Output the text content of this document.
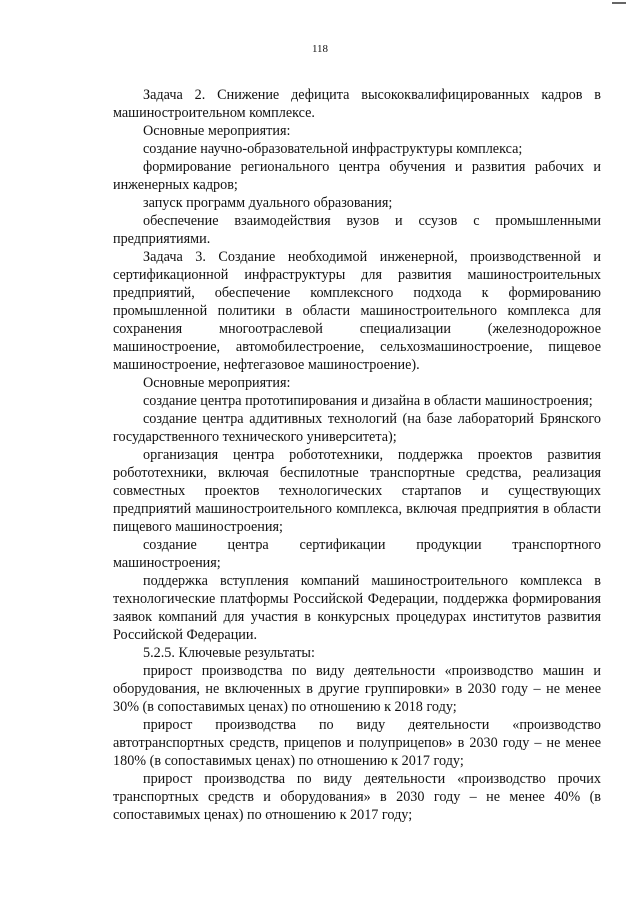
118

Задача 2. Снижение дефицита высококвалифицированных кадров в машиностроительном комплексе.

Основные мероприятия:

создание научно-образовательной инфраструктуры комплекса;

формирование регионального центра обучения и развития рабочих и инженерных кадров;

запуск программ дуального образования;

обеспечение взаимодействия вузов и ссузов с промышленными предприятиями.

Задача 3. Создание необходимой инженерной, производственной и сертификационной инфраструктуры для развития машиностроительных предприятий, обеспечение комплексного подхода к формированию промышленной политики в области машиностроительного комплекса для сохранения многоотраслевой специализации (железнодорожное машиностроение, автомобилестроение, сельхозмашиностроение, пищевое машиностроение, нефтегазовое машиностроение).

Основные мероприятия:

создание центра прототипирования и дизайна в области машиностроения;

создание центра аддитивных технологий (на базе лабораторий Брянского государственного технического университета);

организация центра робототехники, поддержка проектов развития робототехники, включая беспилотные транспортные средства, реализация совместных проектов технологических стартапов и существующих предприятий машиностроительного комплекса, включая предприятия в области пищевого машиностроения;

создание центра сертификации продукции транспортного машиностроения;

поддержка вступления компаний машиностроительного комплекса в технологические платформы Российской Федерации, поддержка формирования заявок компаний для участия в конкурсных процедурах институтов развития Российской Федерации.

5.2.5. Ключевые результаты:

прирост производства по виду деятельности «производство машин и оборудования, не включенных в другие группировки» в 2030 году – не менее 30% (в сопоставимых ценах) по отношению к 2018 году;

прирост производства по виду деятельности «производство автотранспортных средств, прицепов и полуприцепов» в 2030 году – не менее 180% (в сопоставимых ценах) по отношению к 2017 году;

прирост производства по виду деятельности «производство прочих транспортных средств и оборудования» в 2030 году – не менее 40% (в сопоставимых ценах) по отношению к 2017 году;
